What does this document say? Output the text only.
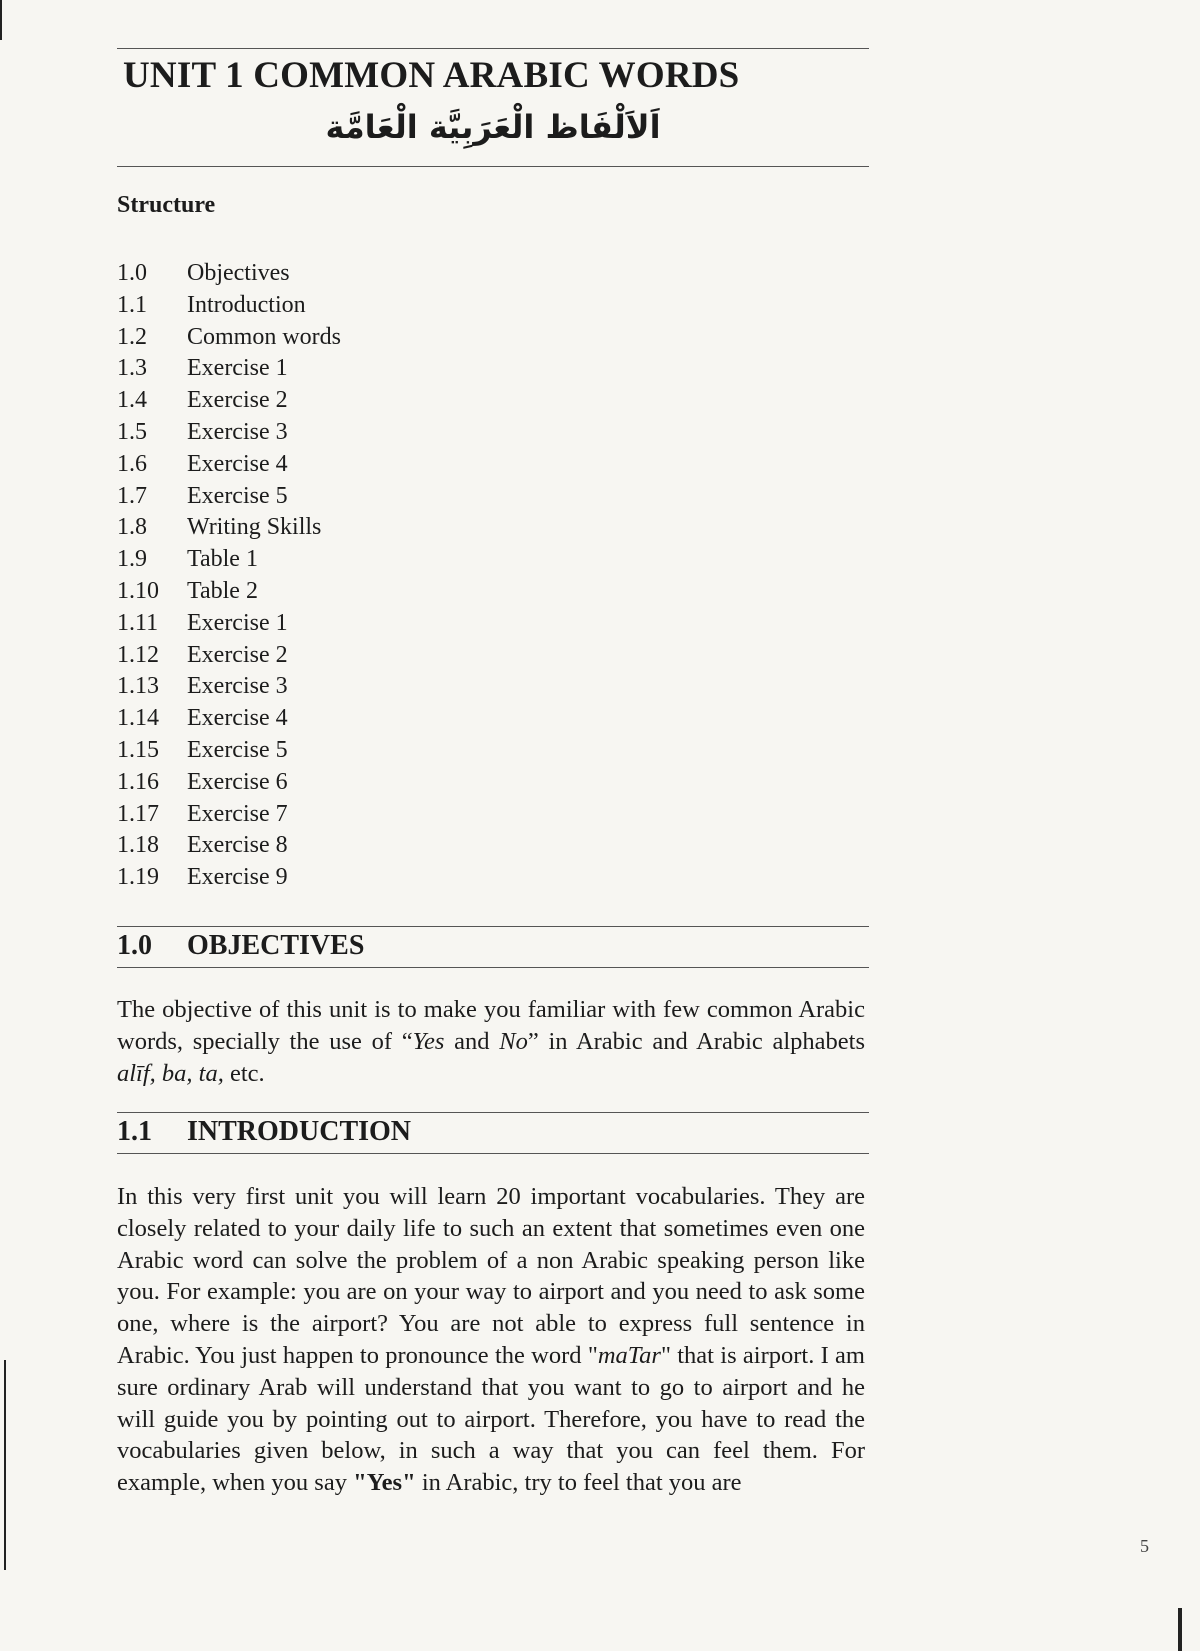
UNIT 1 COMMON ARABIC WORDS
اَلاَلْفَاظ الْعَرَبِيَّة الْعَامَّة
Structure
1.0 Objectives
1.1 Introduction
1.2 Common words
1.3 Exercise 1
1.4 Exercise 2
1.5 Exercise 3
1.6 Exercise 4
1.7 Exercise 5
1.8 Writing Skills
1.9 Table 1
1.10 Table 2
1.11 Exercise 1
1.12 Exercise 2
1.13 Exercise 3
1.14 Exercise 4
1.15 Exercise 5
1.16 Exercise 6
1.17 Exercise 7
1.18 Exercise 8
1.19 Exercise 9
1.0 OBJECTIVES

The objective of this unit is to make you familiar with few common Arabic words, specially the use of “Yes and No” in Arabic and Arabic alphabets alīf, ba, ta, etc.

1.1 INTRODUCTION

In this very first unit you will learn 20 important vocabularies. They are closely related to your daily life to such an extent that sometimes even one Arabic word can solve the problem of a non Arabic speaking person like you. For example: you are on your way to airport and you need to ask some one, where is the airport? You are not able to express full sentence in Arabic. You just happen to pronounce the word "maTar" that is airport. I am sure ordinary Arab will understand that you want to go to airport and he will guide you by pointing out to airport. Therefore, you have to read the vocabularies given below, in such a way that you can feel them. For example, when you say "Yes" in Arabic, try to feel that you are

5
